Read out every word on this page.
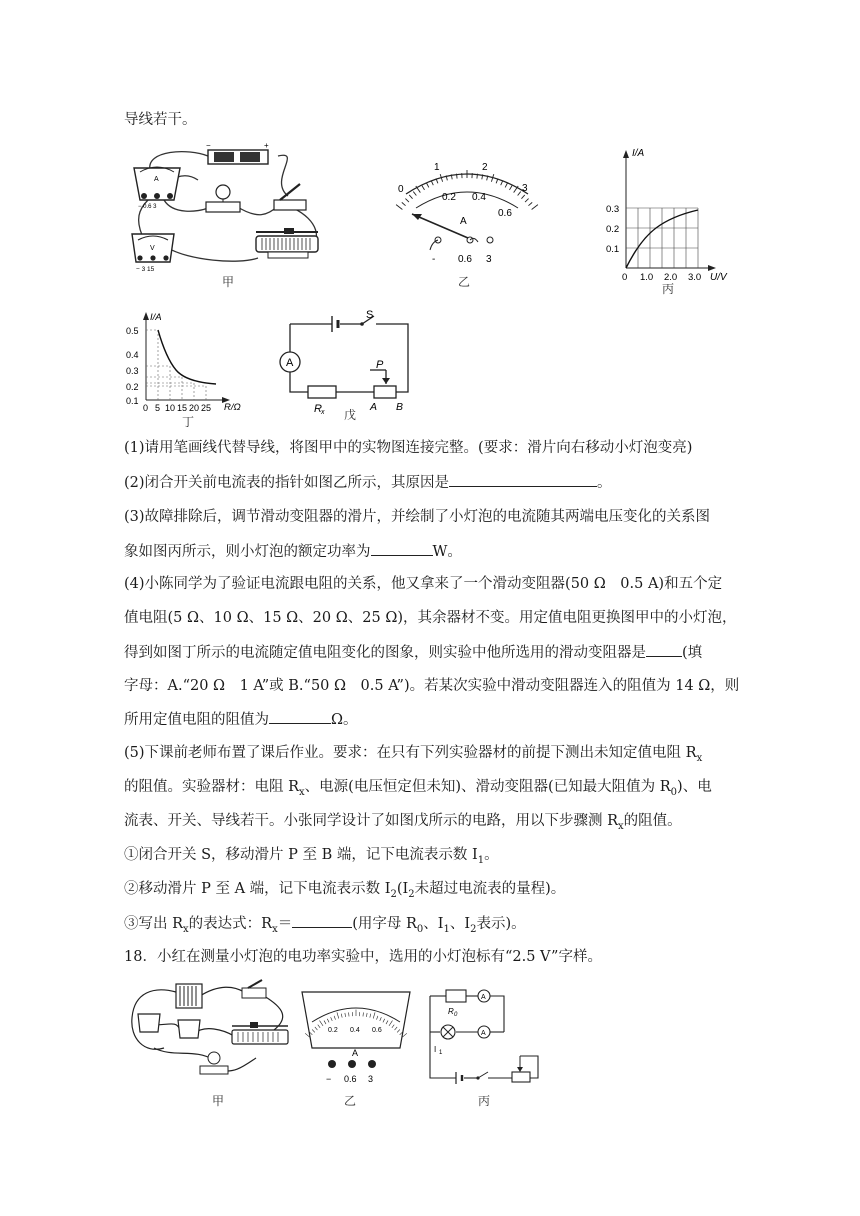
导线若干。
A
− 0.6 3
−	+
V
− 3 15
甲
0
1	2
3
0.2 0.4
0.6
A
- 0.6 3
乙
I/A
U/V
0.1
0.2
0.3
0 1.0 2.0 3.0
丙
I/A
R/Ω
0.1
0.2
0.3
0.4
0.5
0 5 10 15 20 25
丁
A
S
P
R x	A B
戊
(1)请用笔画线代替导线，将图甲中的实物图连接完整。(要求：滑片向右移动小灯泡变亮)
(2)闭合开关前电流表的指针如图乙所示，其原因是	。
(3)故障排除后，调节滑动变阻器的滑片，并绘制了小灯泡的电流随其两端电压变化的关系图
象如图丙所示，则小灯泡的额定功率为	W。
(4)小陈同学为了验证电流跟电阻的关系，他又拿来了一个滑动变阻器(50 Ω　0.5 A)和五个定
值电阻(5 Ω、10 Ω、15 Ω、20 Ω、25 Ω)，其余器材不变。用定值电阻更换图甲中的小灯泡，
得到如图丁所示的电流随定值电阻变化的图象，则实验中他所选用的滑动变阻器是 (填
字母：A.“20 Ω　1 A”或 B.“50 Ω　0.5 A”)。若某次实验中滑动变阻器连入的阻值为 14 Ω，则
所用定值电阻的阻值为	Ω。
(5)下课前老师布置了课后作业。要求：在只有下列实验器材的前提下测出未知定值电阻 $R_x$
的阻值。实验器材：电阻 $R_x$、电源(电压恒定但未知)、滑动变阻器(已知最大阻值为 $R_0$)、电
流表、开关、导线若干。小张同学设计了如图戊所示的电路，用以下步骤测 $R_x$的阻值。
①闭合开关 S，移动滑片 P 至 B 端，记下电流表示数 $I_1$。
②移动滑片 P 至 A 端，记下电流表示数 $I_2(I_2$未超过电流表的量程)。
③写出 $R_x$的表达式：$R_x=$	(用字母 $R_0$、$I_1$、$I_2$表示)。
18．小红在测量小灯泡的电功率实验中，选用的小灯泡标有“2.5 V”字样。
甲
0.2 0.4 0.6
A
− 0.6 3
乙
A
A
R 0
I 1
丙
